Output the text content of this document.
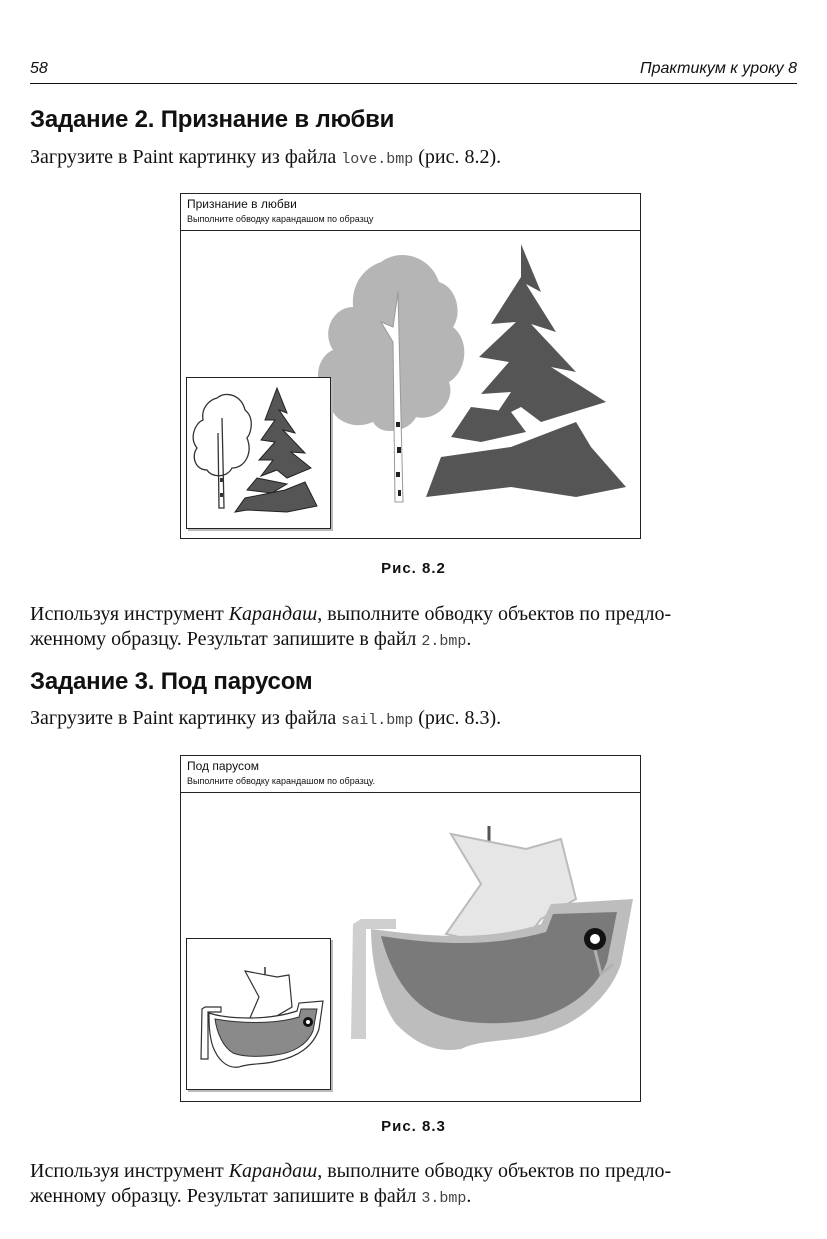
58	Практикум к уроку 8
Задание 2. Признание в любви
Загрузите в Paint картинку из файла love.bmp (рис. 8.2).
Признание в любви
Выполните обводку карандашом по образцу
Рис. 8.2
Используя инструмент Карандаш, выполните обводку объектов по предло-
женному образцу. Результат запишите в файл 2.bmp.
Задание 3. Под парусом
Загрузите в Paint картинку из файла sail.bmp (рис. 8.3).
Под парусом
Выполните обводку карандашом по образцу.
Рис. 8.3
Используя инструмент Карандаш, выполните обводку объектов по предло-
женному образцу. Результат запишите в файл 3.bmp.
